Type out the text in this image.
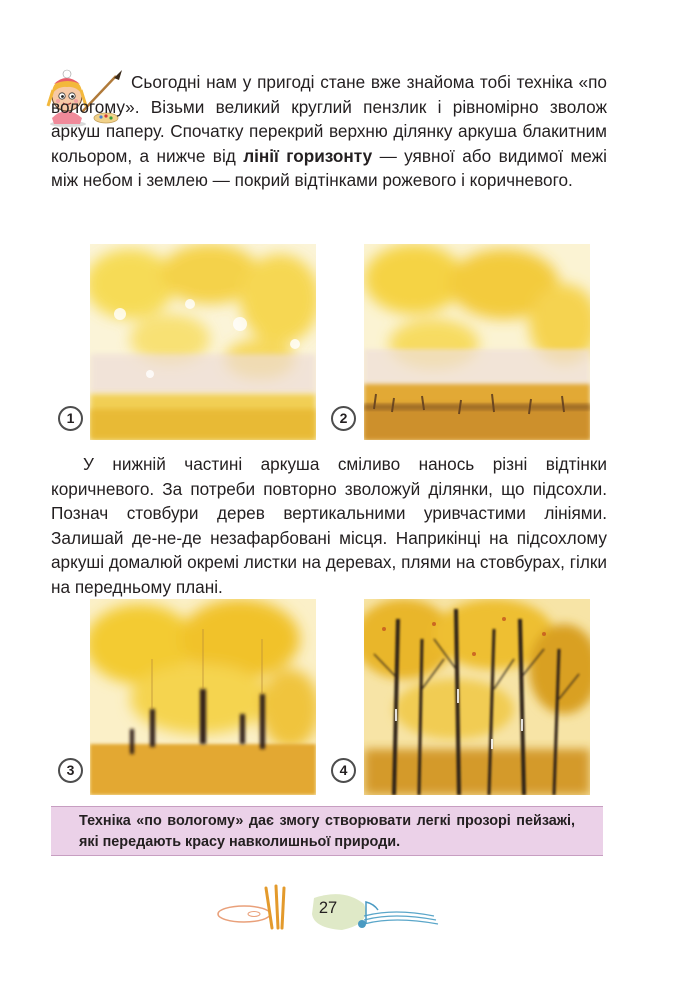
Сьогодні нам у пригоді стане вже знайома тобі техніка «по вологому». Візьми великий круглий пензлик і рівномірно зволож аркуш паперу. Спочатку перекрий верхню ділянку аркуша блакитним кольором, а нижче від лінії горизонту — уявної або видимої межі між небом і землею — покрий відтінками рожевого і коричневого.

1	2

У нижній частині аркуша сміливо нанось різні відтінки коричневого. За потреби повторно зволожуй ділянки, що підсохли. Познач стовбури дерев вертикальними уривчастими лініями. Залишай де-не-де незафарбовані місця. Наприкінці на підсохлому аркуші домалюй окремі листки на деревах, плями на стовбурах, гілки на передньому плані.

3	4
Техніка «по вологому» дає змогу створювати легкі прозорі пейзажі, які передають красу навколишньої природи.
27
